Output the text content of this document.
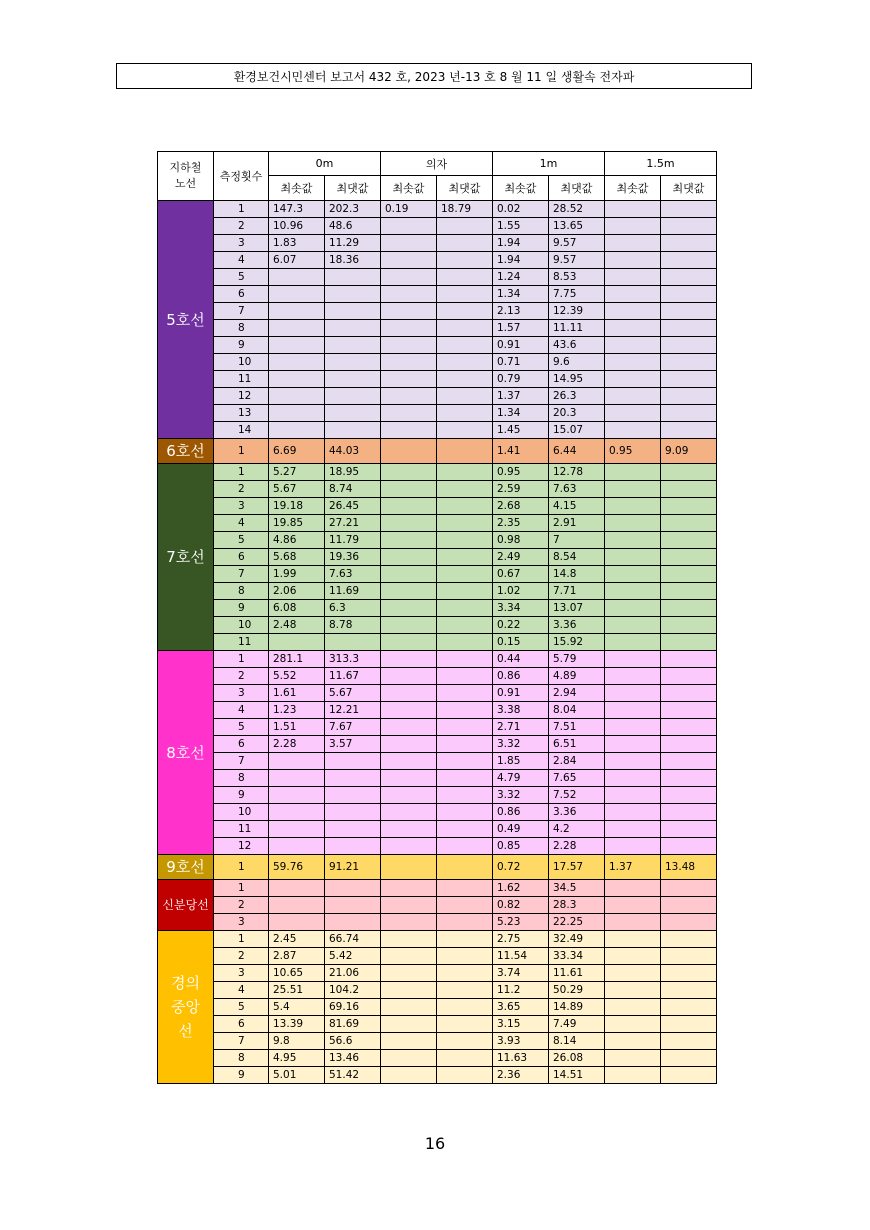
환경보건시민센터 보고서 432 호, 2023 년-13 호 8 월 11 일 생활속 전자파
지하철
노선	측정횟수	0m		의자		1m		1.5m	
		최솟값	최댓값	최솟값	최댓값	최솟값	최댓값	최솟값	최댓값
5호선	1	147.3	202.3	0.19	18.79	0.02	28.52		
	2	10.96	48.6			1.55	13.65		
	3	1.83	11.29			1.94	9.57		
	4	6.07	18.36			1.94	9.57		
	5					1.24	8.53		
	6					1.34	7.75		
	7					2.13	12.39		
	8					1.57	11.11		
	9					0.91	43.6		
	10					0.71	9.6		
	11					0.79	14.95		
	12					1.37	26.3		
	13					1.34	20.3		
	14					1.45	15.07		
6호선	1	6.69	44.03			1.41	6.44	0.95	9.09
7호선	1	5.27	18.95			0.95	12.78		
	2	5.67	8.74			2.59	7.63		
	3	19.18	26.45			2.68	4.15		
	4	19.85	27.21			2.35	2.91		
	5	4.86	11.79			0.98	7		
	6	5.68	19.36			2.49	8.54		
	7	1.99	7.63			0.67	14.8		
	8	2.06	11.69			1.02	7.71		
	9	6.08	6.3			3.34	13.07		
	10	2.48	8.78			0.22	3.36		
	11					0.15	15.92		
8호선	1	281.1	313.3			0.44	5.79		
	2	5.52	11.67			0.86	4.89		
	3	1.61	5.67			0.91	2.94		
	4	1.23	12.21			3.38	8.04		
	5	1.51	7.67			2.71	7.51		
	6	2.28	3.57			3.32	6.51		
	7					1.85	2.84		
	8					4.79	7.65		
	9					3.32	7.52		
	10					0.86	3.36		
	11					0.49	4.2		
	12					0.85	2.28		
9호선	1	59.76	91.21			0.72	17.57	1.37	13.48
신분당선	1					1.62	34.5		
	2					0.82	28.3		
	3					5.23	22.25		
경의
중앙
선	1	2.45	66.74			2.75	32.49		
	2	2.87	5.42			11.54	33.34		
	3	10.65	21.06			3.74	11.61		
	4	25.51	104.2			11.2	50.29		
	5	5.4	69.16			3.65	14.89		
	6	13.39	81.69			3.15	7.49		
	7	9.8	56.6			3.93	8.14		
	8	4.95	13.46			11.63	26.08		
	9	5.01	51.42			2.36	14.51		
16
